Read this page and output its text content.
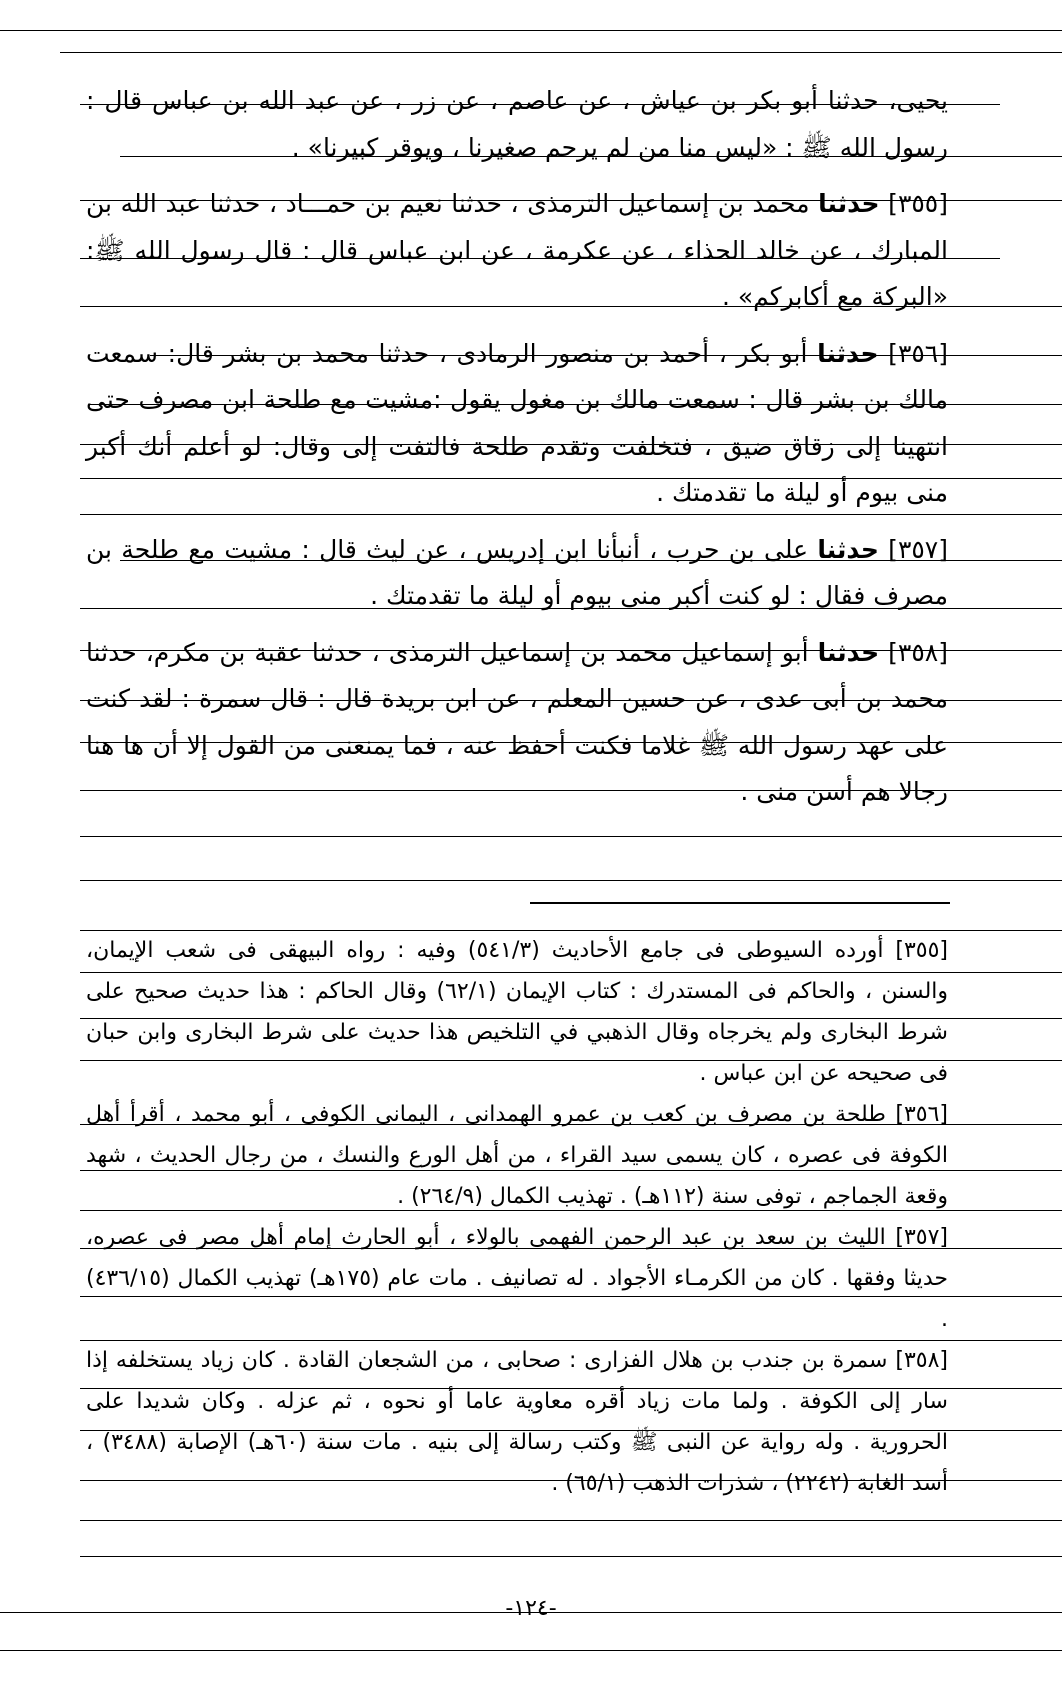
يحيى، حدثنا أبو بكر بن عياش ، عن عاصم ، عن زر ، عن عبد الله بن عباس قال : رسول الله ﷺ : «ليس منا من لم يرحم صغيرنا ، ويوقر كبيرنا» .

[٣٥٥] حدثنا محمد بن إسماعيل الترمذى ، حدثنا نعيم بن حمـــاد ، حدثنا عبد الله بن المبارك ، عن خالد الحذاء ، عن عكرمة ، عن ابن عباس قال : قال رسول الله ﷺ: «البركة مع أكابركم» .

[٣٥٦] حدثنا أبو بكر ، أحمد بن منصور الرمادى ، حدثنا محمد بن بشر قال: سمعت مالك بن بشر قال : سمعت مالك بن مغول يقول :مشيت مع طلحة ابن مصرف حتى انتهينا إلى زقاق ضيق ، فتخلفت وتقدم طلحة فالتفت إلى وقال: لو أعلم أنك أكبر منى بيوم أو ليلة ما تقدمتك .

[٣٥٧] حدثنا على بن حرب ، أنبأنا ابن إدريس ، عن ليث قال : مشيت مع طلحة بن مصرف فقال : لو كنت أكبر منى بيوم أو ليلة ما تقدمتك .

[٣٥٨] حدثنا أبو إسماعيل محمد بن إسماعيل الترمذى ، حدثنا عقبة بن مكرم، حدثنا محمد بن أبى عدى ، عن حسين المعلم ، عن ابن بريدة قال : قال سمرة : لقد كنت على عهد رسول الله ﷺ غلاما فكنت أحفظ عنه ، فما يمنعنى من القول إلا أن ها هنا رجالا هم أسن منى .

[٣٥٥] أورده السيوطى فى جامع الأحاديث (٥٤١/٣) وفيه : رواه البيهقى فى شعب الإيمان، والسنن ، والحاكم فى المستدرك : كتاب الإيمان (٦٢/١) وقال الحاكم : هذا حديث صحيح على شرط البخارى ولم يخرجاه وقال الذهبي في التلخيص هذا حديث على شرط البخارى وابن حبان فى صحيحه عن ابن عباس .

[٣٥٦] طلحة بن مصرف بن كعب بن عمرو الهمدانى ، اليمانى الكوفى ، أبو محمد ، أقرأ أهل الكوفة فى عصره ، كان يسمى سيد القراء ، من أهل الورع والنسك ، من رجال الحديث ، شهد وقعة الجماجم ، توفى سنة (١١٢هـ) . تهذيب الكمال (٢٦٤/٩) .

[٣٥٧] الليث بن سعد بن عبد الرحمن الفهمى بالولاء ، أبو الحارث إمام أهل مصر فى عصره، حديثا وفقها . كان من الكرمـاء الأجواد . له تصانيف . مات عام (١٧٥هـ) تهذيب الكمال (٤٣٦/١٥) .

[٣٥٨] سمرة بن جندب بن هلال الفزارى : صحابى ، من الشجعان القادة . كان زياد يستخلفه إذا سار إلى الكوفة . ولما مات زياد أقره معاوية عاما أو نحوه ، ثم عزله . وكان شديدا على الحرورية . وله رواية عن النبى ﷺ وكتب رسالة إلى بنيه . مات سنة (٦٠هـ) الإصابة (٣٤٨٨) ، أسد الغابة (٢٢٤٢) ، شذرات الذهب (٦٥/١) .

-١٢٤-
